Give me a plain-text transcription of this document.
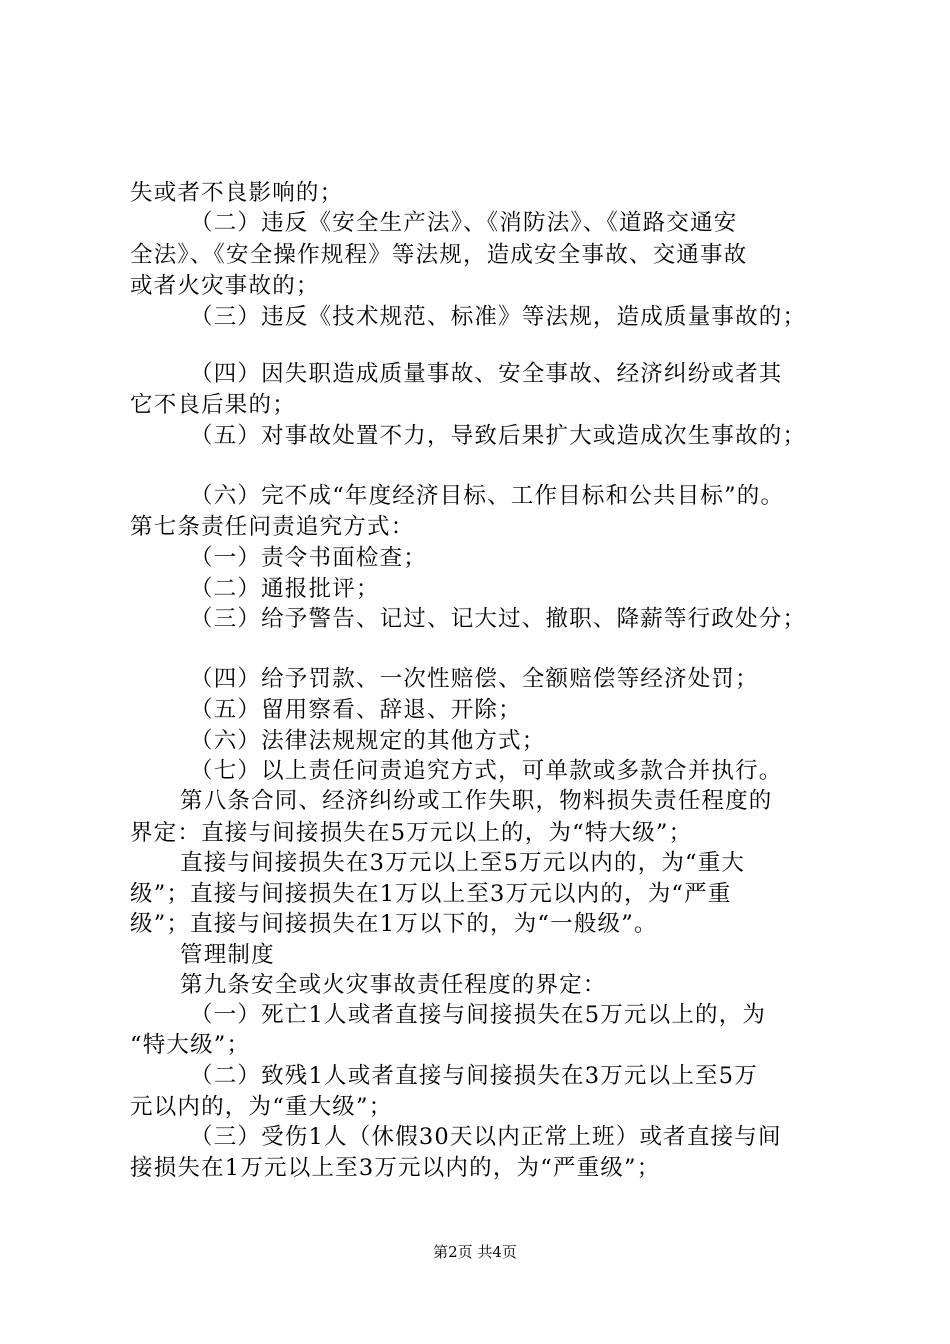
失或者不良影响的；
（二）违反《安全生产法》、《消防法》、《道路交通安
全法》、《安全操作规程》等法规，造成安全事故、交通事故
或者火灾事故的；
（三）违反《技术规范、标准》等法规，造成质量事故的；
（四）因失职造成质量事故、安全事故、经济纠纷或者其
它不良后果的；
（五）对事故处置不力，导致后果扩大或造成次生事故的；
（六）完不成“年度经济目标、工作目标和公共目标”的。
第七条责任问责追究方式：
（一）责令书面检查；
（二）通报批评；
（三）给予警告、记过、记大过、撤职、降薪等行政处分；
（四）给予罚款、一次性赔偿、全额赔偿等经济处罚；
（五）留用察看、辞退、开除；
（六）法律法规规定的其他方式；
（七）以上责任问责追究方式，可单款或多款合并执行。
第八条合同、经济纠纷或工作失职，物料损失责任程度的
界定：直接与间接损失在5万元以上的，为“特大级”；
直接与间接损失在3万元以上至5万元以内的，为“重大
级”；直接与间接损失在1万以上至3万元以内的，为“严重
级”；直接与间接损失在1万以下的，为“一般级”。
管理制度
第九条安全或火灾事故责任程度的界定：
（一）死亡1人或者直接与间接损失在5万元以上的，为
“特大级”；
（二）致残1人或者直接与间接损失在3万元以上至5万
元以内的，为“重大级”；
（三）受伤1人（休假30天以内正常上班）或者直接与间
接损失在1万元以上至3万元以内的，为“严重级”；
第2页 共4页
